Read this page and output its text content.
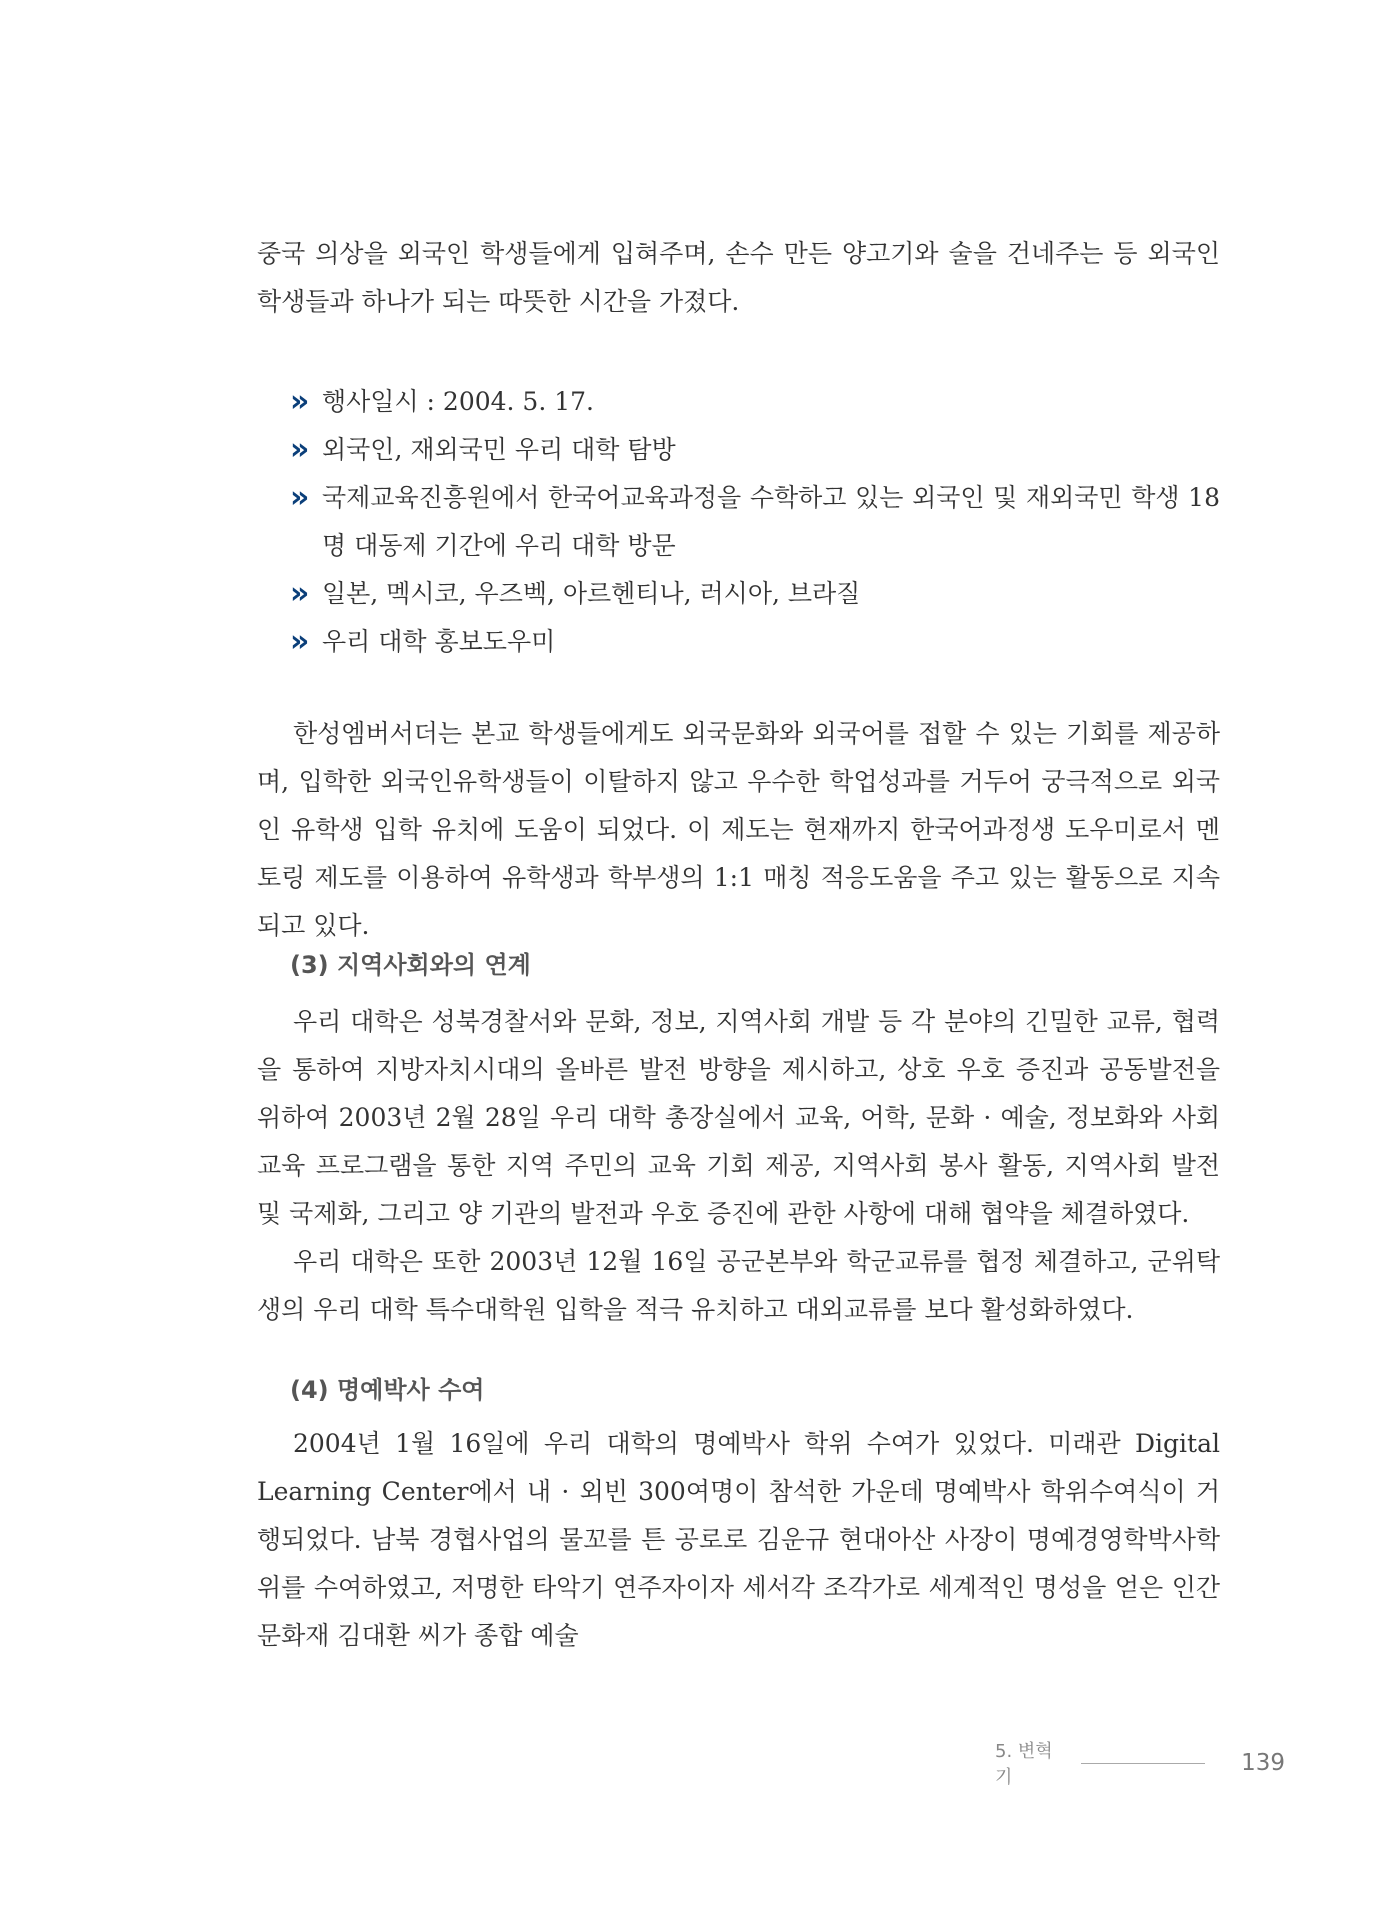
중국 의상을 외국인 학생들에게 입혀주며, 손수 만든 양고기와 술을 건네주는 등 외국인 학생들과 하나가 되는 따뜻한 시간을 가졌다.

» 행사일시 : 2004. 5. 17.
» 외국인, 재외국민 우리 대학 탐방
» 국제교육진흥원에서 한국어교육과정을 수학하고 있는 외국인 및 재외국민 학생 18명 대동제 기간에 우리 대학 방문
» 일본, 멕시코, 우즈벡, 아르헨티나, 러시아, 브라질
» 우리 대학 홍보도우미

한성엠버서더는 본교 학생들에게도 외국문화와 외국어를 접할 수 있는 기회를 제공하며, 입학한 외국인유학생들이 이탈하지 않고 우수한 학업성과를 거두어 궁극적으로 외국인 유학생 입학 유치에 도움이 되었다. 이 제도는 현재까지 한국어과정생 도우미로서 멘토링 제도를 이용하여 유학생과 학부생의 1:1 매칭 적응도움을 주고 있는 활동으로 지속되고 있다.

(3) 지역사회와의 연계

우리 대학은 성북경찰서와 문화, 정보, 지역사회 개발 등 각 분야의 긴밀한 교류, 협력을 통하여 지방자치시대의 올바른 발전 방향을 제시하고, 상호 우호 증진과 공동발전을 위하여 2003년 2월 28일 우리 대학 총장실에서 교육, 어학, 문화 · 예술, 정보화와 사회 교육 프로그램을 통한 지역 주민의 교육 기회 제공, 지역사회 봉사 활동, 지역사회 발전 및 국제화, 그리고 양 기관의 발전과 우호 증진에 관한 사항에 대해 협약을 체결하였다.

우리 대학은 또한 2003년 12월 16일 공군본부와 학군교류를 협정 체결하고, 군위탁생의 우리 대학 특수대학원 입학을 적극 유치하고 대외교류를 보다 활성화하였다.

(4) 명예박사 수여

2004년 1월 16일에 우리 대학의 명예박사 학위 수여가 있었다. 미래관 Digital Learning Center에서 내 · 외빈 300여명이 참석한 가운데 명예박사 학위수여식이 거행되었다. 남북 경협사업의 물꼬를 튼 공로로 김운규 현대아산 사장이 명예경영학박사학위를 수여하였고, 저명한 타악기 연주자이자 세서각 조각가로 세계적인 명성을 얻은 인간문화재 김대환 씨가 종합 예술

5. 변혁기
139
